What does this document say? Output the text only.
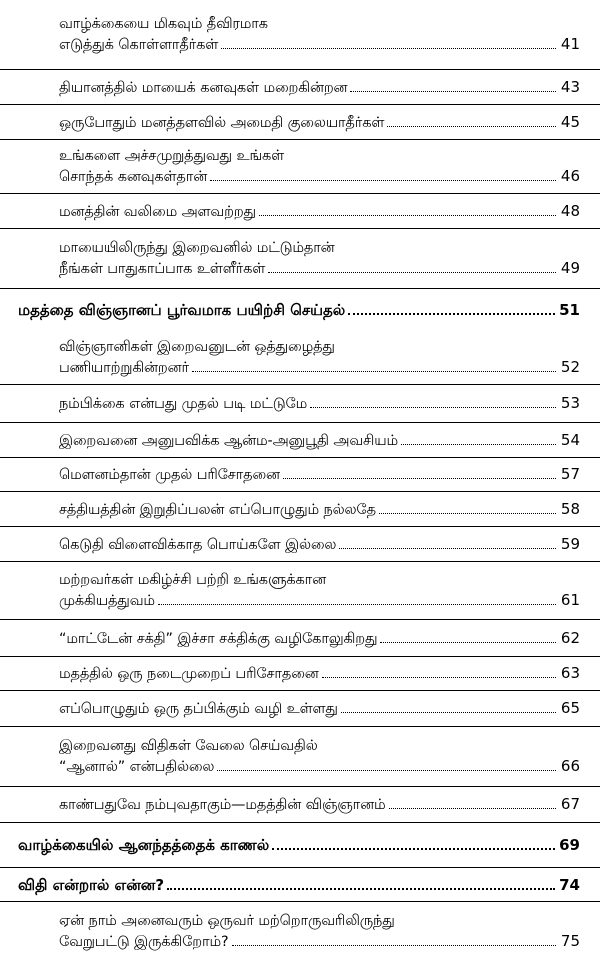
வாழ்க்கையை மிகவும் தீவிரமாக
எடுத்துக் கொள்ளாதீர்கள்	41
தியானத்தில் மாயைக் கனவுகள் மறைகின்றன	43
ஒருபோதும் மனத்தளவில் அமைதி குலையாதீர்கள்	45
உங்களை அச்சமுறுத்துவது உங்கள்
சொந்தக் கனவுகள்தான்	46
மனத்தின் வலிமை அளவற்றது	48
மாயையிலிருந்து இறைவனில் மட்டும்தான்
நீங்கள் பாதுகாப்பாக உள்ளீர்கள்	49
மதத்தை விஞ்ஞானப் பூர்வமாக பயிற்சி செய்தல்	51
விஞ்ஞானிகள் இறைவனுடன் ஒத்துழைத்து
பணியாற்றுகின்றனர்	52
நம்பிக்கை என்பது முதல் படி மட்டுமே	53
இறைவனை அனுபவிக்க ஆன்ம-அனுபூதி அவசியம்	54
மௌனம்தான் முதல் பரிசோதனை	57
சத்தியத்தின் இறுதிப்பலன் எப்பொழுதும் நல்லதே	58
கெடுதி விளைவிக்காத பொய்களே இல்லை	59
மற்றவர்கள் மகிழ்ச்சி பற்றி உங்களுக்கான
முக்கியத்துவம்	61
“மாட்டேன் சக்தி” இச்சா சக்திக்கு வழிகோலுகிறது	62
மதத்தில் ஒரு நடைமுறைப் பரிசோதனை	63
எப்பொழுதும் ஒரு தப்பிக்கும் வழி உள்ளது	65
இறைவனது விதிகள் வேலை செய்வதில்
“ஆனால்” என்பதில்லை	66
காண்பதுவே நம்புவதாகும்—மதத்தின் விஞ்ஞானம்	67
வாழ்க்கையில் ஆனந்தத்தைக் காணல்	69
விதி என்றால் என்ன?	74
ஏன் நாம் அனைவரும் ஒருவர் மற்றொருவரிலிருந்து
வேறுபட்டு இருக்கிறோம்?	75
